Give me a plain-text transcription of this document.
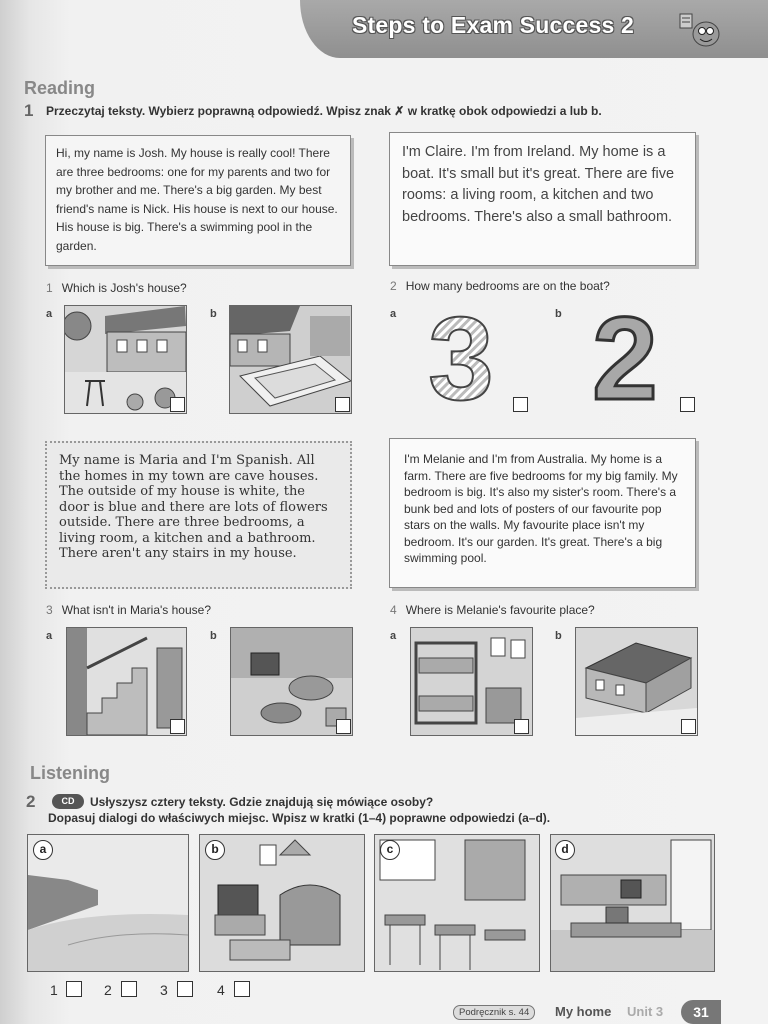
Steps to Exam Success 2
Reading
1 Przeczytaj teksty. Wybierz poprawną odpowiedź. Wpisz znak ✗ w kratkę obok odpowiedzi a lub b.
Hi, my name is Josh. My house is really cool! There are three bedrooms: one for my parents and two for my brother and me. There's a big garden. My best friend's name is Nick. His house is next to our house. His house is big. There's a swimming pool in the garden.
I'm Claire. I'm from Ireland. My home is a boat. It's small but it's great. There are five rooms: a living room, a kitchen and two bedrooms. There's also a small bathroom.
1 Which is Josh's house?	2 How many bedrooms are on the boat?
a	b	a 3	b 2
My name is Maria and I'm Spanish. All the homes in my town are cave houses. The outside of my house is white, the door is blue and there are lots of flowers outside. There are three bedrooms, a living room, a kitchen and a bathroom. There aren't any stairs in my house.
I'm Melanie and I'm from Australia. My home is a farm. There are five bedrooms for my big family. My bedroom is big. It's also my sister's room. There's a bunk bed and lots of posters of our favourite pop stars on the walls. My favourite place isn't my bedroom. It's our garden. It's great. There's a big swimming pool.
3 What isn't in Maria's house?	4 Where is Melanie's favourite place?
a	b	a	b
Listening
2	CD	Usłyszysz cztery teksty. Gdzie znajdują się mówiące osoby?
Dopasuj dialogi do właściwych miejsc. Wpisz w kratki (1–4) poprawne odpowiedzi (a–d).
a	b	c	d
1	2	3	4
Podręcznik s. 44	My home Unit 3	31
